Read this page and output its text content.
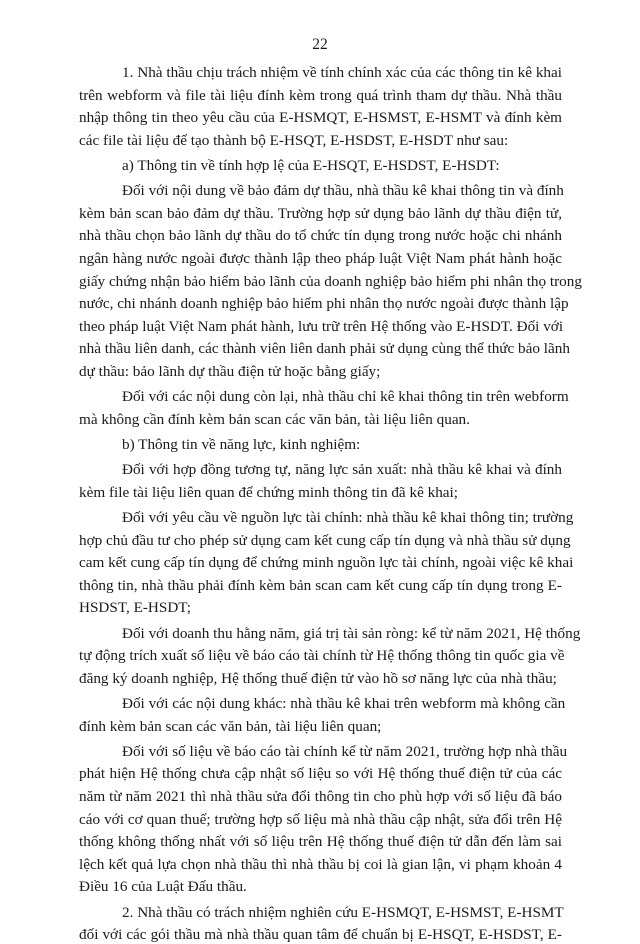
22
1. Nhà thầu chịu trách nhiệm về tính chính xác của các thông tin kê khai
trên webform và file tài liệu đính kèm trong quá trình tham dự thầu. Nhà thầu
nhập thông tin theo yêu cầu của E-HSMQT, E-HSMST, E-HSMT và đính kèm
các file tài liệu để tạo thành bộ E-HSQT, E-HSDST, E-HSDT như sau:
a) Thông tin về tính hợp lệ của E-HSQT, E-HSDST, E-HSDT:
Đối với nội dung về bảo đảm dự thầu, nhà thầu kê khai thông tin và đính
kèm bản scan bảo đảm dự thầu. Trường hợp sử dụng bảo lãnh dự thầu điện tử,
nhà thầu chọn bảo lãnh dự thầu do tổ chức tín dụng trong nước hoặc chi nhánh
ngân hàng nước ngoài được thành lập theo pháp luật Việt Nam phát hành hoặc
giấy chứng nhận bảo hiểm bảo lãnh của doanh nghiệp bảo hiểm phi nhân thọ trong
nước, chi nhánh doanh nghiệp bảo hiểm phi nhân thọ nước ngoài được thành lập
theo pháp luật Việt Nam phát hành, lưu trữ trên Hệ thống vào E-HSDT. Đối với
nhà thầu liên danh, các thành viên liên danh phải sử dụng cùng thể thức bảo lãnh
dự thầu: bảo lãnh dự thầu điện tử hoặc bằng giấy;
Đối với các nội dung còn lại, nhà thầu chỉ kê khai thông tin trên webform
mà không cần đính kèm bản scan các văn bản, tài liệu liên quan.
b) Thông tin về năng lực, kinh nghiệm:
Đối với hợp đồng tương tự, năng lực sản xuất: nhà thầu kê khai và đính
kèm file tài liệu liên quan để chứng minh thông tin đã kê khai;
Đối với yêu cầu về nguồn lực tài chính: nhà thầu kê khai thông tin; trường
hợp chủ đầu tư cho phép sử dụng cam kết cung cấp tín dụng và nhà thầu sử dụng
cam kết cung cấp tín dụng để chứng minh nguồn lực tài chính, ngoài việc kê khai
thông tin, nhà thầu phải đính kèm bản scan cam kết cung cấp tín dụng trong E-
HSDST, E-HSDT;
Đối với doanh thu hằng năm, giá trị tài sản ròng: kể từ năm 2021, Hệ thống
tự động trích xuất số liệu về báo cáo tài chính từ Hệ thống thông tin quốc gia về
đăng ký doanh nghiệp, Hệ thống thuế điện tử vào hồ sơ năng lực của nhà thầu;
Đối với các nội dung khác: nhà thầu kê khai trên webform mà không cần
đính kèm bản scan các văn bản, tài liệu liên quan;
Đối với số liệu về báo cáo tài chính kể từ năm 2021, trường hợp nhà thầu
phát hiện Hệ thống chưa cập nhật số liệu so với Hệ thống thuế điện tử của các
năm từ năm 2021 thì nhà thầu sửa đổi thông tin cho phù hợp với số liệu đã báo
cáo với cơ quan thuế; trường hợp số liệu mà nhà thầu cập nhật, sửa đổi trên Hệ
thống không thống nhất với số liệu trên Hệ thống thuế điện tử dẫn đến làm sai
lệch kết quả lựa chọn nhà thầu thì nhà thầu bị coi là gian lận, vi phạm khoản 4
Điều 16 của Luật Đấu thầu.
2. Nhà thầu có trách nhiệm nghiên cứu E-HSMQT, E-HSMST, E-HSMT
đối với các gói thầu mà nhà thầu quan tâm để chuẩn bị E-HSQT, E-HSDST, E-
